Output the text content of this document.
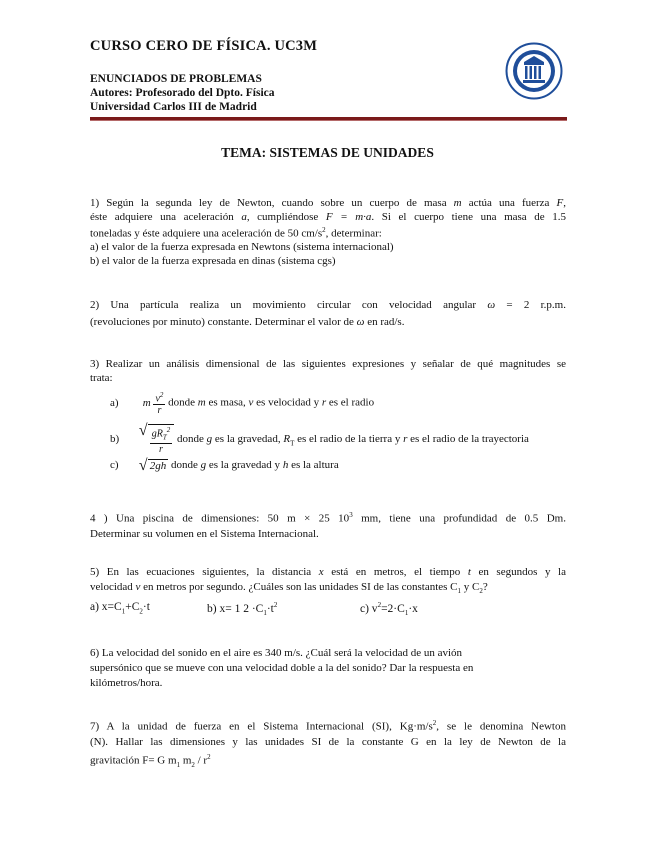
CURSO CERO DE FÍSICA. UC3M
ENUNCIADOS DE PROBLEMAS
Autores: Profesorado del Dpto. Física
Universidad Carlos III de Madrid
TEMA: SISTEMAS DE UNIDADES
1) Según la segunda ley de Newton, cuando sobre un cuerpo de masa m actúa una fuerza F,
éste adquiere una aceleración a, cumpliéndose F = m·a. Si el cuerpo tiene una masa de 1.5
toneladas y éste adquiere una aceleración de 50 $cm/s^2$, determinar:
a) el valor de la fuerza expresada en Newtons (sistema internacional)
b) el valor de la fuerza expresada en dinas (sistema cgs)
2) Una partícula realiza un movimiento circular con velocidad angular ω = 2 r.p.m.
(revoluciones por minuto) constante. Determinar el valor de ω en rad/s.
3) Realizar un análisis dimensional de las siguientes expresiones y señalar de qué magnitudes se
trata:
a) m $\frac{v^2}{r}$ donde m es masa, v es velocidad y r es el radio
b)
√ $\frac{gR_T^2}{r}$ donde g es la gravedad, $R_T$ es el radio de la tierra y r es el radio de la trayectoria
c) √ 2gh donde g es la gravedad y h es la altura
4 ) Una piscina de dimensiones: 50 m × 25 $10^3$ mm, tiene una profundidad de 0.5 Dm.
Determinar su volumen en el Sistema Internacional.
5) En las ecuaciones siguientes, la distancia x está en metros, el tiempo t en segundos y la
velocidad v en metros por segundo. ¿Cuáles son las unidades SI de las constantes $C_1$ y $C_2$?
a) $x=C_1+C_2\cdot t$	b) x= 1 $2 \cdot C_1\cdot t^2$	c) $v^2=2\cdot C_1\cdot x$
6) La velocidad del sonido en el aire es 340 m/s. ¿Cuál será la velocidad de un avión
supersónico que se mueve con una velocidad doble a la del sonido? Dar la respuesta en
kilómetros/hora.
7) A la unidad de fuerza en el Sistema Internacional (SI), $Kg\cdot m/s^2$, se le denomina Newton
(N). Hallar las dimensiones y las unidades SI de la constante G en la ley de Newton de la
gravitación F= G $m_1$ $m_2 / r^2$
